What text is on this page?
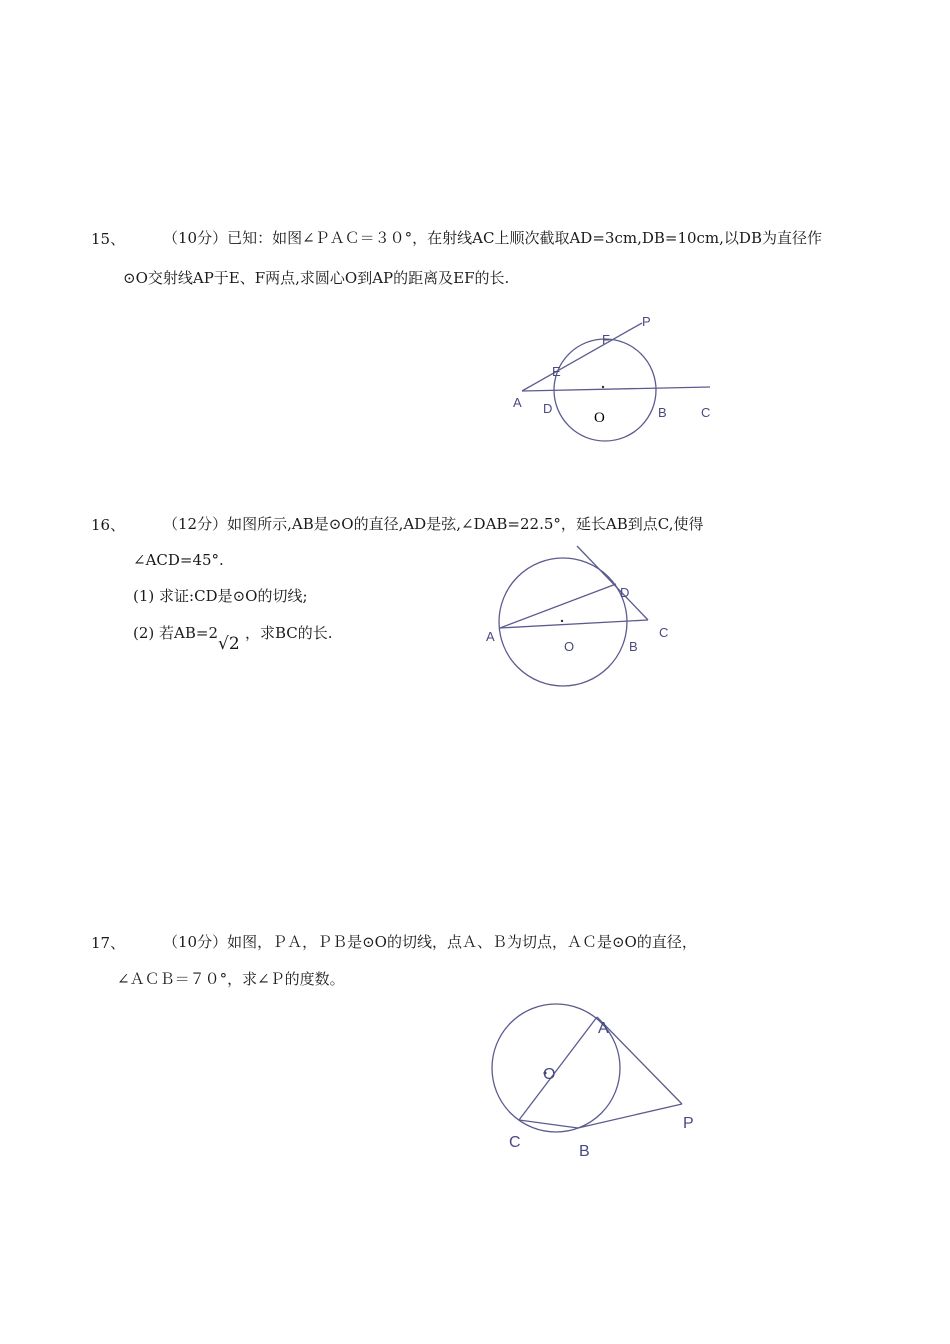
15、	（10分）已知：如图∠ＰＡＣ＝３０°，在射线AC上顺次截取AD=3cm,DB=10cm,以DB为直径作
⊙O交射线AP于E、F两点,求圆心O到AP的距离及EF的长.
P
F
E
A D
O	B	C
16、	（12分）如图所示,AB是⊙O的直径,AD是弦,∠DAB=22.5°，延长AB到点C,使得
∠ACD=45°.
(1) 求证:CD是⊙O的切线;
(2) 若AB=2
√2
，求BC的长.
D
A
O	B
C
17、	（10分）如图，ＰＡ，ＰＢ是⊙O的切线，点Ａ、Ｂ为切点，ＡＣ是⊙O的直径，
∠ＡＣＢ＝７０°，求∠Ｐ的度数。
A
O
C
B
P
